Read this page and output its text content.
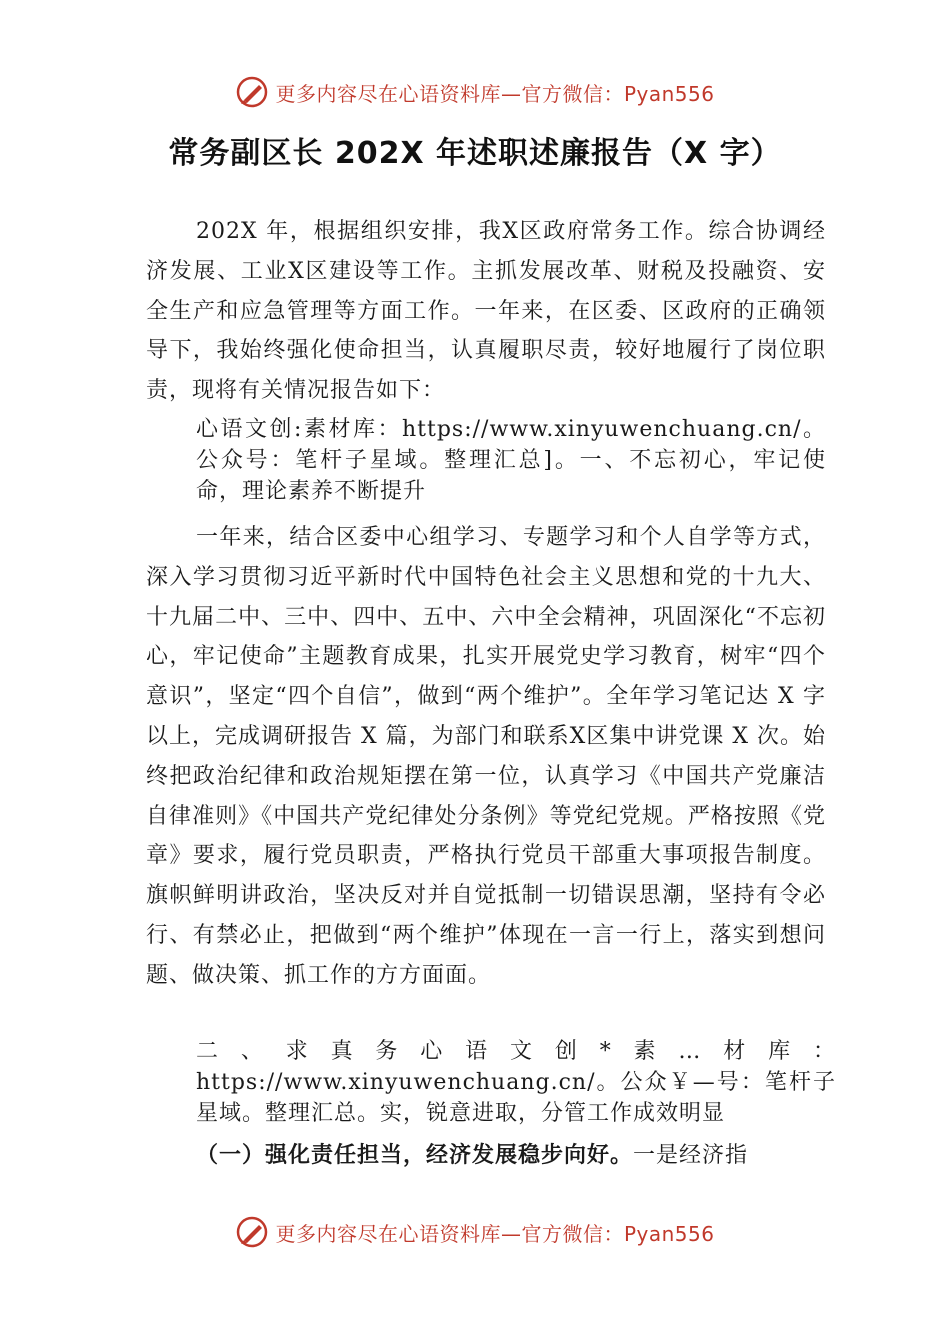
更多内容尽在心语资料库—官方微信：Pyan556
常务副区长 202X 年述职述廉报告（X 字）

202X 年，根据组织安排，我X区政府常务工作。综合协调经济发展、工业X区建设等工作。主抓发展改革、财税及投融资、安全生产和应急管理等方面工作。一年来，在区委、区政府的正确领导下，我始终强化使命担当，认真履职尽责，较好地履行了岗位职责，现将有关情况报告如下：

心语文创:素材库：https://www.xinyuwenchuang.cn/。公众号：笔杆子星域。整理汇总]。一、不忘初心，牢记使命，理论素养不断提升

一年来，结合区委中心组学习、专题学习和个人自学等方式，深入学习贯彻习近平新时代中国特色社会主义思想和党的十九大、十九届二中、三中、四中、五中、六中全会精神，巩固深化“不忘初心，牢记使命”主题教育成果，扎实开展党史学习教育，树牢“四个意识”，坚定“四个自信”，做到“两个维护”。全年学习笔记达 X 字以上，完成调研报告 X 篇，为部门和联系X区集中讲党课 X 次。始终把政治纪律和政治规矩摆在第一位，认真学习《中国共产党廉洁自律准则》《中国共产党纪律处分条例》等党纪党规。严格按照《党章》要求，履行党员职责，严格执行党员干部重大事项报告制度。旗帜鲜明讲政治，坚决反对并自觉抵制一切错误思潮，坚持有令必行、有禁必止，把做到“两个维护”体现在一言一行上，落实到想问题、做决策、抓工作的方方面面。

二、求真务心语文创*素…材库：https://www.xinyuwenchuang.cn/。公众￥—号：笔杆子星域。整理汇总。实，锐意进取，分管工作成效明显

（一）强化责任担当，经济发展稳步向好。一是经济指

更多内容尽在心语资料库—官方微信：Pyan556
